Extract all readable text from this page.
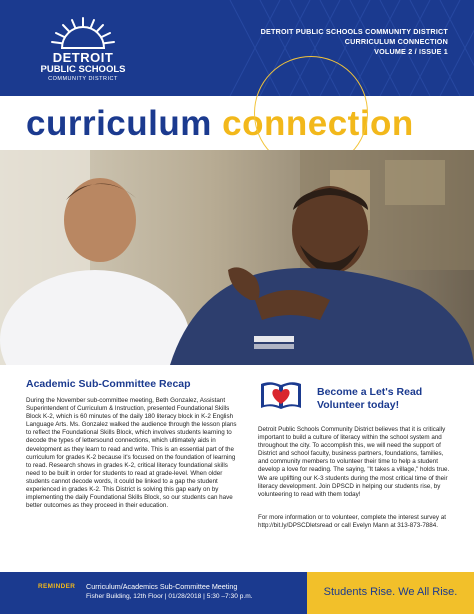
DETROIT
PUBLIC SCHOOLS
COMMUNITY DISTRICT
DETROIT PUBLIC SCHOOLS COMMUNITY DISTRICT
CURRICULUM CONNECTION
VOLUME 2 / ISSUE 1
curriculum connection
Academic Sub-Committee Recap

During the November sub-committee meeting, Beth Gonzalez, Assistant Superintendent of Curriculum & Instruction, presented Foundational Skills Block K-2, which is 60 minutes of the daily 180 literacy block in K-2 English Language Arts. Ms. Gonzalez walked the audience through the lesson plans to reflect the Foundational Skills Block, which involves students learning to decode the types of lettersound connections, which ultimately aids in development as they learn to read and write. This is an essential part of the curriculum for grades K-2 because it's focused on the foundation of learning to read. Research shows in grades K-2, critical literacy foundational skills need to be built in order for students to read at grade-level. When older students cannot decode words, it could be linked to a gap the student experienced in grades K-2. This District is solving this gap early on by implementing the daily Foundational Skills Block, so our students can have better outcomes as they proceed in their education.

Become a Let's Read
Volunteer today!

Detroit Public Schools Community District believes that it is critically important to build a culture of literacy within the school system and throughout the city. To accomplish this, we will need the support of District and school faculty, business partners, foundations, families, and community members to volunteer their time to help a student develop a love for reading. The saying, "It takes a village," holds true. We are uplifting our K-3 students during the most critical time of their literacy development. Join DPSCD in helping our students rise, by volunteering to read with them today!

For more information or to volunteer, complete the interest survey at http://bit.ly/DPSCDletsread or call Evelyn Mann at 313-873-7884.

REMINDER Curriculum/Academics Sub-Committee Meeting
Fisher Building, 12th Floor | 01/28/2018 | 5:30 –7:30 p.m.	Students Rise. We All Rise.
